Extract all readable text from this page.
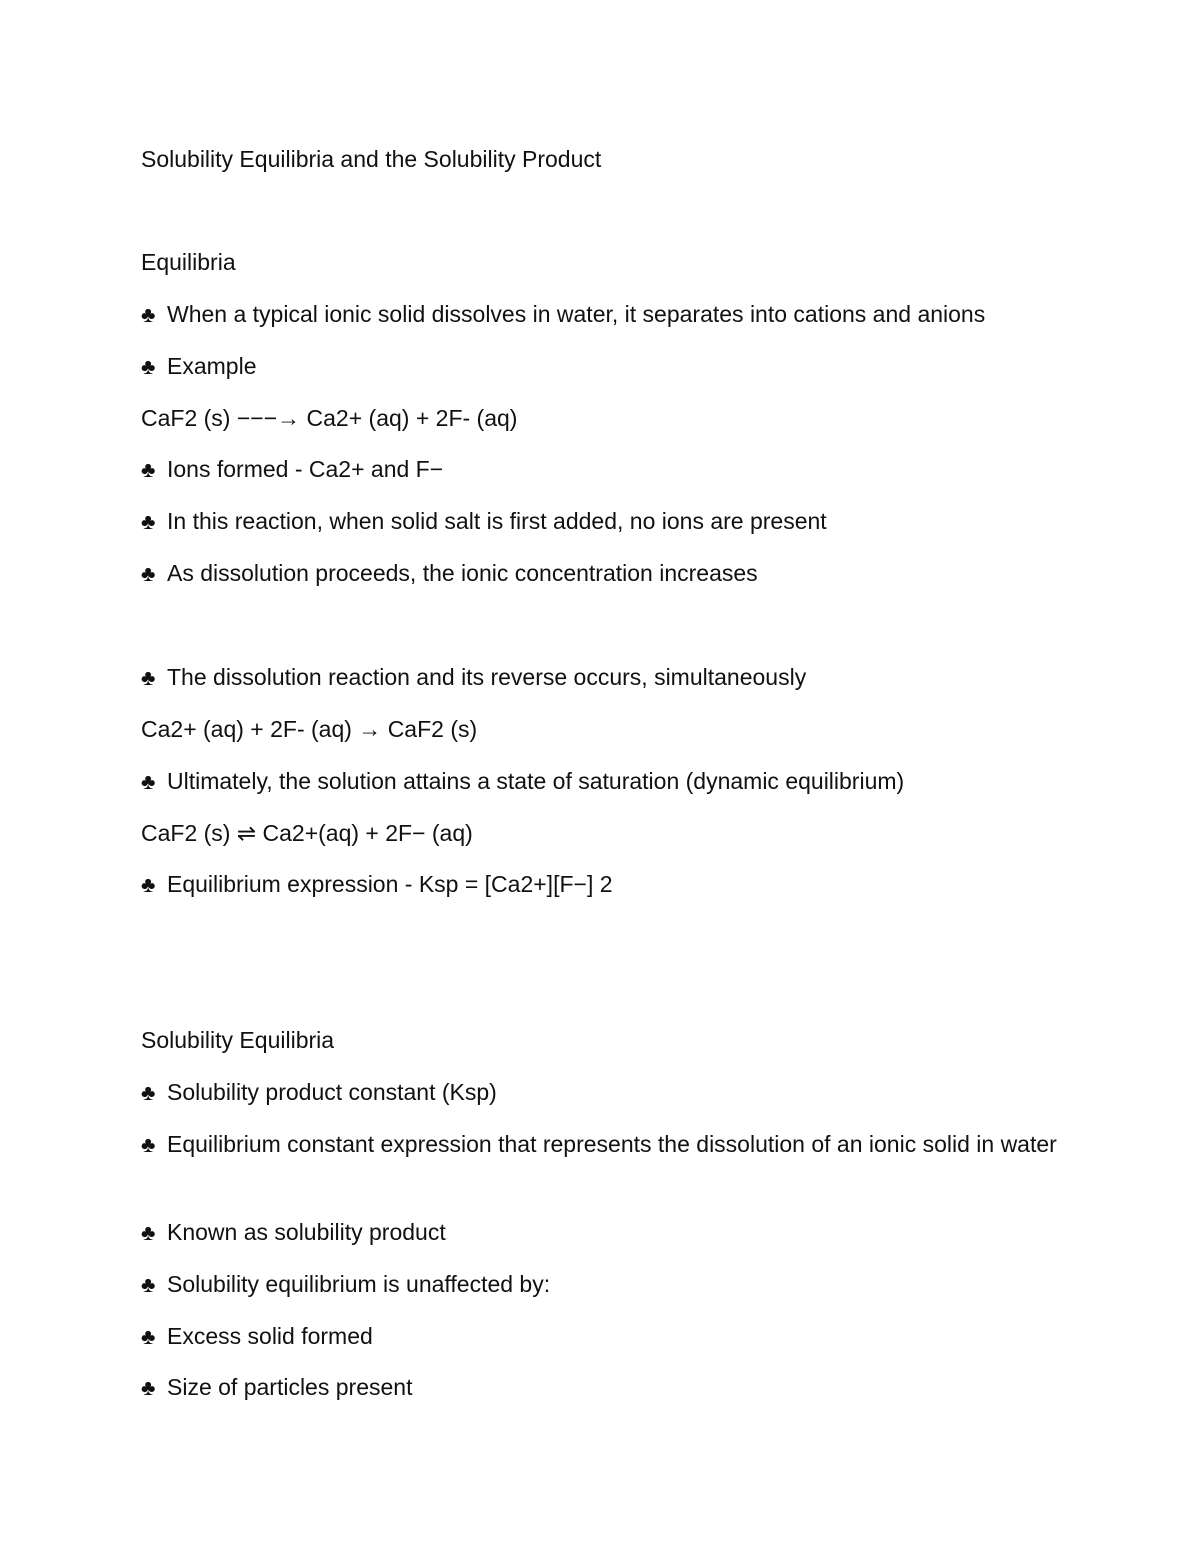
Solubility Equilibria and the Solubility Product
Equilibria
♣ When a typical ionic solid dissolves in water, it separates into cations and anions
♣ Example
CaF2 (s) −−−→ Ca2+ (aq) + 2F- (aq)
♣ Ions formed - Ca2+ and F−
♣ In this reaction, when solid salt is first added, no ions are present
♣ As dissolution proceeds, the ionic concentration increases
♣ The dissolution reaction and its reverse occurs, simultaneously
Ca2+ (aq) + 2F- (aq) → CaF2 (s)
♣ Ultimately, the solution attains a state of saturation (dynamic equilibrium)
CaF2 (s) ⇌ Ca2+(aq) + 2F− (aq)
♣ Equilibrium expression - Ksp = [Ca2+][F−] 2
Solubility Equilibria
♣ Solubility product constant (Ksp)
♣ Equilibrium constant expression that represents the dissolution of an ionic solid in water
♣ Known as solubility product
♣ Solubility equilibrium is unaffected by:
♣ Excess solid formed
♣ Size of particles present
